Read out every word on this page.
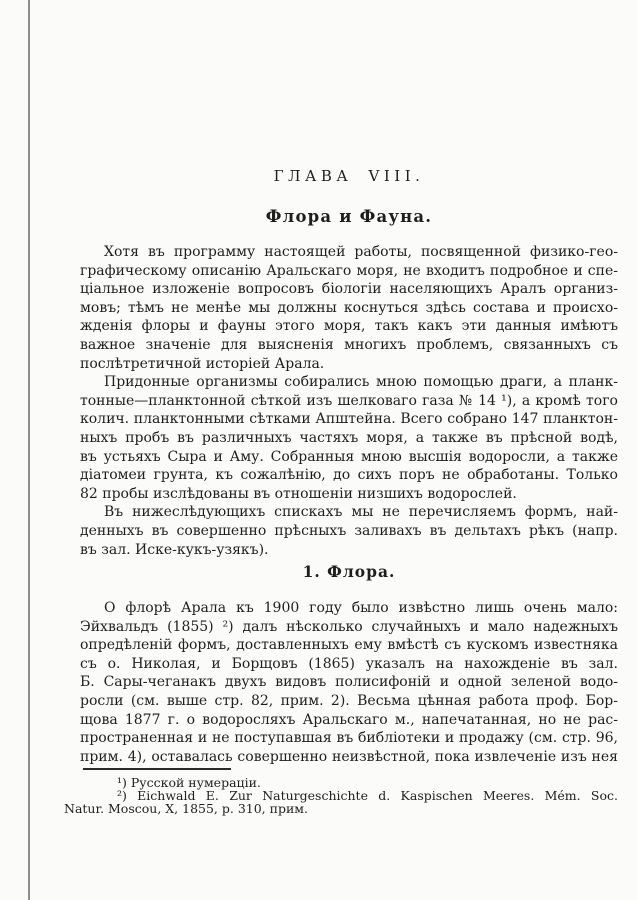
ГЛАВА VIII.
Флора и Фауна.
Хотя въ программу настоящей работы, посвященной физико-гео-
графическому описанію Аральскаго моря, не входитъ подробное и спе-
ціальное изложеніе вопросовъ біологіи населяющихъ Аралъ организ-
мовъ; тѣмъ не менѣе мы должны коснуться здѣсь состава и происхо-
жденія флоры и фауны этого моря, такъ какъ эти данныя имѣютъ
важное значеніе для выясненія многихъ проблемъ, связанныхъ съ
послѣтретичной исторіей Арала.
Придонные организмы собирались мною помощью драги, а планк-
тонные—планктонной сѣткой изъ шелковаго газа № 14 ¹), а кромѣ того
колич. планктонными сѣтками Апштейна. Всего собрано 147 планктон-
ныхъ пробъ въ различныхъ частяхъ моря, а также въ прѣсной водѣ,
въ устьяхъ Сыра и Аму. Собранныя мною высшія водоросли, а также
діатомеи грунта, къ сожалѣнію, до сихъ поръ не обработаны. Только
82 пробы изслѣдованы въ отношеніи низшихъ водорослей.
Въ нижеслѣдующихъ спискахъ мы не перечисляемъ формъ, най-
денныхъ въ совершенно прѣсныхъ заливахъ въ дельтахъ рѣкъ (напр.
въ зал. Иске-кукъ-узякъ).
1. Флора.
О флорѣ Арала къ 1900 году было извѣстно лишь очень мало:
Эйхвальдъ (1855) ²) далъ нѣсколько случайныхъ и мало надежныхъ
опредѣленій формъ, доставленныхъ ему вмѣстѣ съ кускомъ известняка
съ о. Николая, и Борщовъ (1865) указалъ на нахожденіе въ зал.
Б. Сары-чеганакъ двухъ видовъ полисифоній и одной зеленой водо-
росли (см. выше стр. 82, прим. 2). Весьма цѣнная работа проф. Бор-
щова 1877 г. о водоросляхъ Аральскаго м., напечатанная, но не рас-
пространенная и не поступавшая въ библіотеки и продажу (см. стр. 96,
прим. 4), оставалась совершенно неизвѣстной, пока извлеченіе изъ нея
¹) Русской нумераціи.
²) Eichwald E. Zur Naturgeschichte d. Kaspischen Meeres. Mém. Soc.
Natur. Moscou, X, 1855, p. 310, прим.
